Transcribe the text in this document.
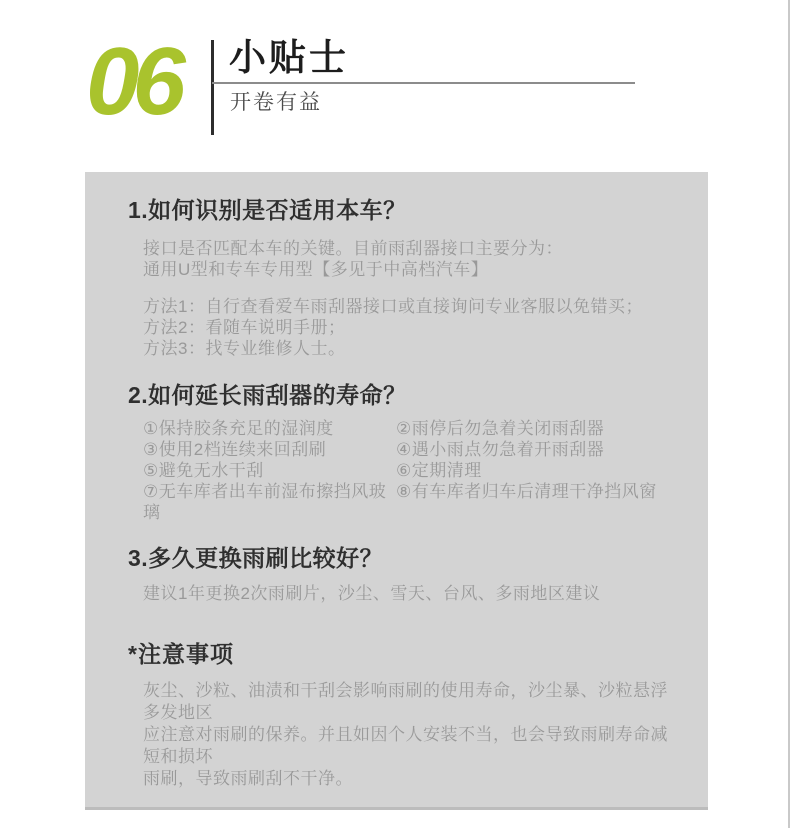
06 小贴士
开卷有益
1.如何识别是否适用本车？
接口是否匹配本车的关键。目前雨刮器接口主要分为：
通用U型和专车专用型【多见于中高档汽车】
方法1：自行查看爱车雨刮器接口或直接询问专业客服以免错买；
方法2：看随车说明手册；
方法3：找专业维修人士。
2.如何延长雨刮器的寿命？
①保持胶条充足的湿润度
③使用2档连续来回刮刷
⑤避免无水干刮
⑦无车库者出车前湿布擦挡风玻璃
②雨停后勿急着关闭雨刮器
④遇小雨点勿急着开雨刮器
⑥定期清理
⑧有车库者归车后清理干净挡风窗
3.多久更换雨刷比较好？
建议1年更换2次雨刷片，沙尘、雪天、台风、多雨地区建议
*注意事项
灰尘、沙粒、油渍和干刮会影响雨刷的使用寿命，沙尘暴、沙粒悬浮多发地区
应注意对雨刷的保养。并且如因个人安装不当，也会导致雨刷寿命减短和损坏
雨刷，导致雨刷刮不干净。
